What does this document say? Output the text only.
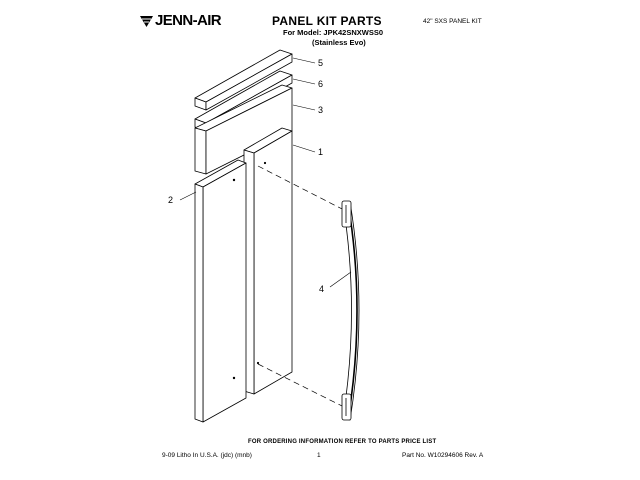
JENN-AIR	PANEL KIT PARTS
For Model: JPK42SNXWSS0
(Stainless Evo)
42" SXS PANEL KIT
5
6
3
1
2
4
FOR ORDERING INFORMATION REFER TO PARTS PRICE LIST
9-09 Litho In U.S.A. (jdc) (mnb)	1	Part No. W10294606 Rev. A
